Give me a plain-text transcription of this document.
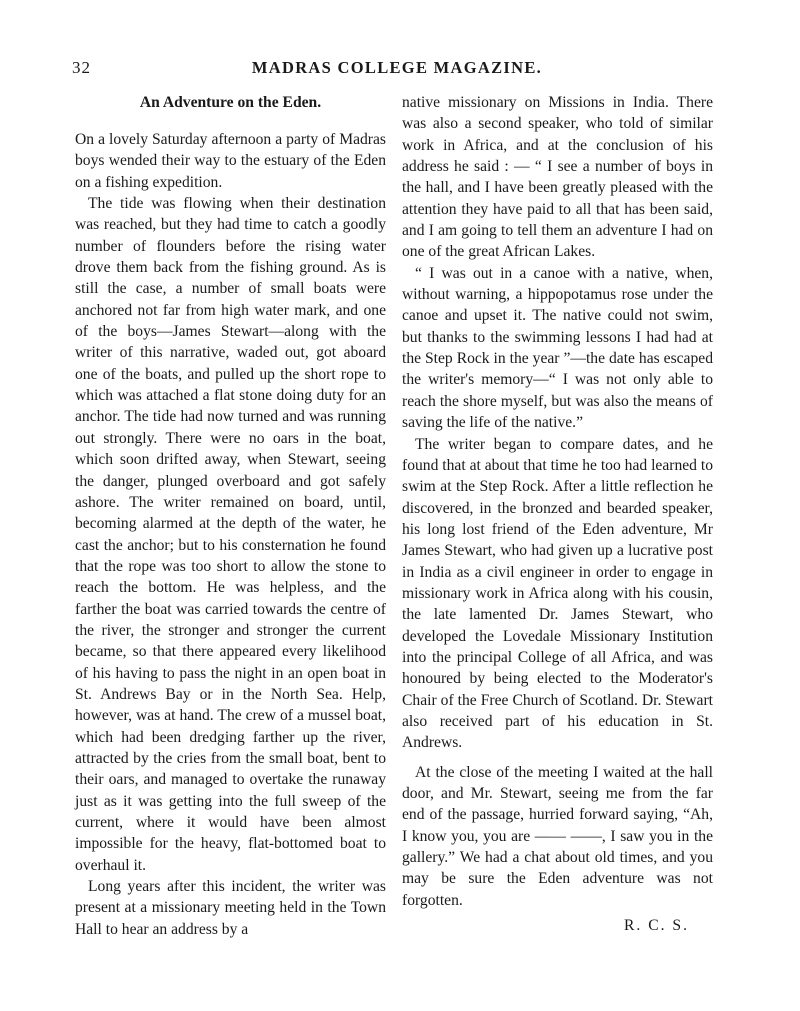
32	MADRAS COLLEGE MAGAZINE.
An Adventure on the Eden.

On a lovely Saturday afternoon a party of Madras boys wended their way to the estuary of the Eden on a fishing expedition.

The tide was flowing when their destination was reached, but they had time to catch a goodly number of flounders before the rising water drove them back from the fishing ground. As is still the case, a number of small boats were anchored not far from high water mark, and one of the boys—James Stewart—along with the writer of this narrative, waded out, got aboard one of the boats, and pulled up the short rope to which was attached a flat stone doing duty for an anchor. The tide had now turned and was running out strongly. There were no oars in the boat, which soon drifted away, when Stewart, seeing the danger, plunged overboard and got safely ashore. The writer remained on board, until, becoming alarmed at the depth of the water, he cast the anchor; but to his consternation he found that the rope was too short to allow the stone to reach the bottom. He was helpless, and the farther the boat was carried towards the centre of the river, the stronger and stronger the current became, so that there appeared every likelihood of his having to pass the night in an open boat in St. Andrews Bay or in the North Sea. Help, however, was at hand. The crew of a mussel boat, which had been dredging farther up the river, attracted by the cries from the small boat, bent to their oars, and managed to overtake the runaway just as it was getting into the full sweep of the current, where it would have been almost impossible for the heavy, flat-bottomed boat to overhaul it.

Long years after this incident, the writer was present at a missionary meeting held in the Town Hall to hear an address by a

native missionary on Missions in India. There was also a second speaker, who told of similar work in Africa, and at the conclusion of his address he said : — “ I see a number of boys in the hall, and I have been greatly pleased with the attention they have paid to all that has been said, and I am going to tell them an adventure I had on one of the great African Lakes.

“ I was out in a canoe with a native, when, without warning, a hippopotamus rose under the canoe and upset it. The native could not swim, but thanks to the swimming lessons I had had at the Step Rock in the year ”—the date has escaped the writer's memory—“ I was not only able to reach the shore myself, but was also the means of saving the life of the native.”

The writer began to compare dates, and he found that at about that time he too had learned to swim at the Step Rock. After a little reflection he discovered, in the bronzed and bearded speaker, his long lost friend of the Eden adventure, Mr James Stewart, who had given up a lucrative post in India as a civil engineer in order to engage in missionary work in Africa along with his cousin, the late lamented Dr. James Stewart, who developed the Lovedale Missionary Institution into the principal College of all Africa, and was honoured by being elected to the Moderator's Chair of the Free Church of Scotland. Dr. Stewart also received part of his education in St. Andrews.

At the close of the meeting I waited at the hall door, and Mr. Stewart, seeing me from the far end of the passage, hurried forward saying, “Ah, I know you, you are —— ——, I saw you in the gallery.” We had a chat about old times, and you may be sure the Eden adventure was not forgotten.

R. C. S.
